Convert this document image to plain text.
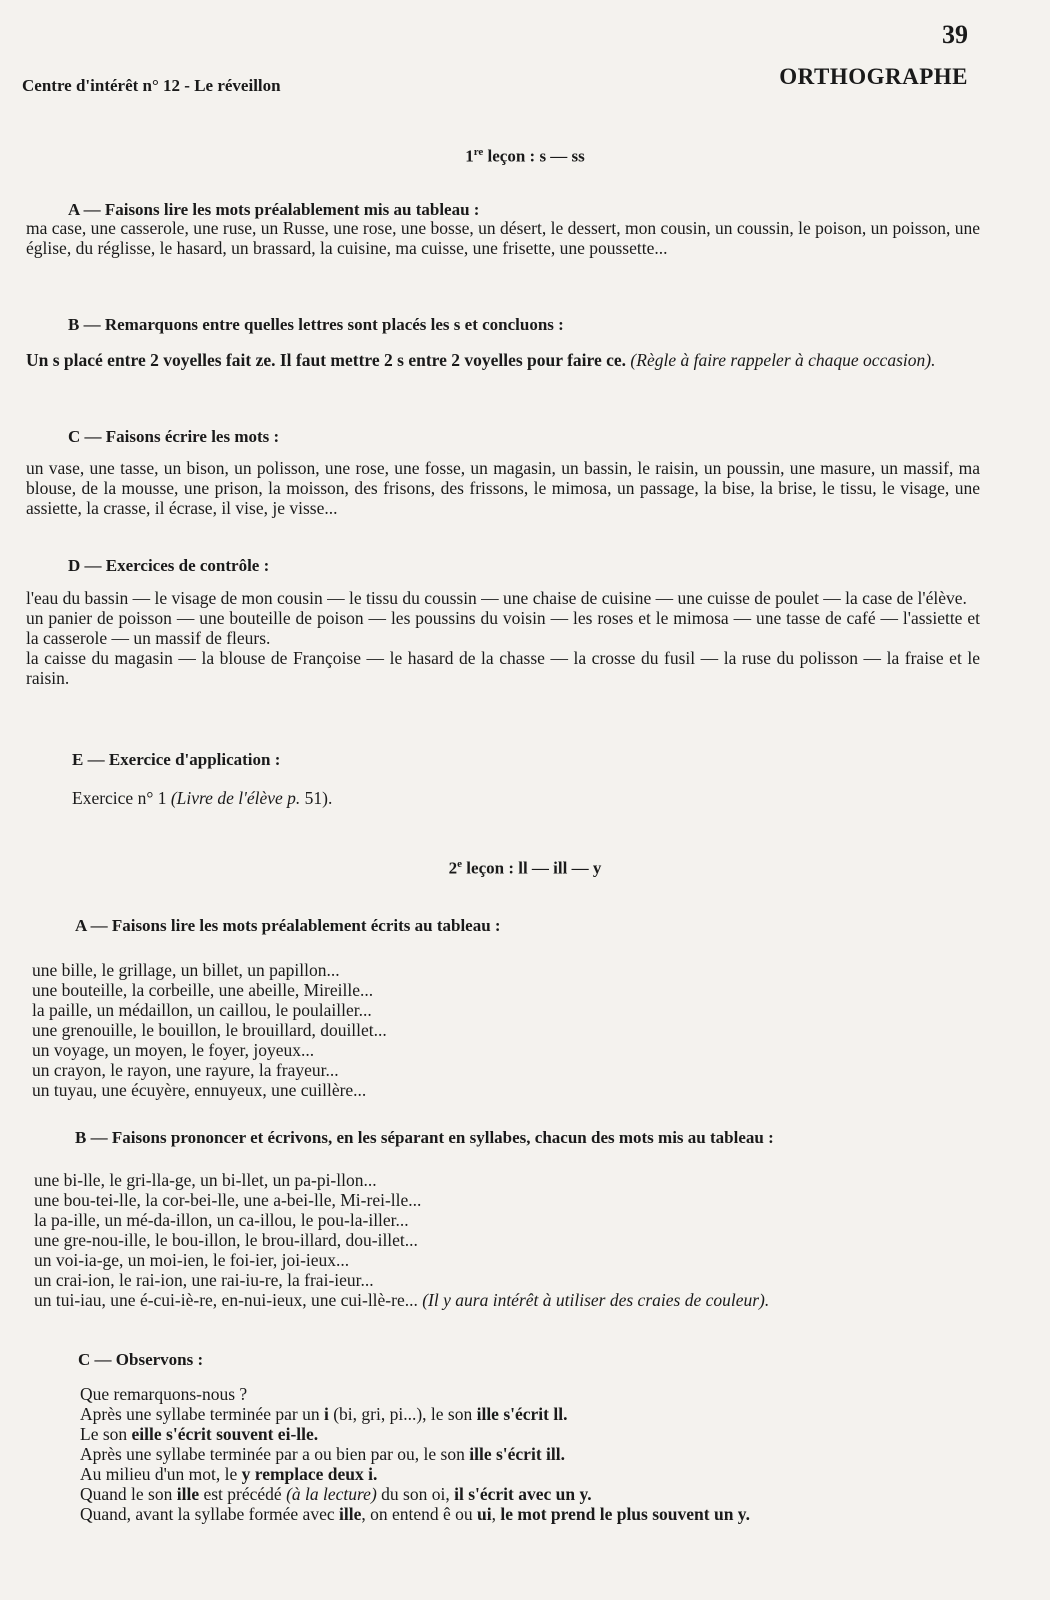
39
Centre d'intérêt n° 12 - Le réveillon	ORTHOGRAPHE
1re leçon : s — ss
A — Faisons lire les mots préalablement mis au tableau :
ma case, une casserole, une ruse, un Russe, une rose, une bosse, un désert, le dessert, mon cousin, un coussin, le poison, un poisson, une église, du réglisse, le hasard, un brassard, la cuisine, ma cuisse, une frisette, une poussette...
B — Remarquons entre quelles lettres sont placés les s et concluons :
Un s placé entre 2 voyelles fait ze. Il faut mettre 2 s entre 2 voyelles pour faire ce. (Règle à faire rappeler à chaque occasion).
C — Faisons écrire les mots :
un vase, une tasse, un bison, un polisson, une rose, une fosse, un magasin, un bassin, le raisin, un poussin, une masure, un massif, ma blouse, de la mousse, une prison, la moisson, des frisons, des frissons, le mimosa, un passage, la bise, la brise, le tissu, le visage, une assiette, la crasse, il écrase, il vise, je visse...
D — Exercices de contrôle :
l'eau du bassin — le visage de mon cousin — le tissu du coussin — une chaise de cuisine — une cuisse de poulet — la case de l'élève.
un panier de poisson — une bouteille de poison — les poussins du voisin — les roses et le mimosa — une tasse de café — l'assiette et la casserole — un massif de fleurs.
la caisse du magasin — la blouse de Françoise — le hasard de la chasse — la crosse du fusil — la ruse du polisson — la fraise et le raisin.
E — Exercice d'application :
Exercice n° 1 (Livre de l'élève p. 51).
2e leçon : ll — ill — y
A — Faisons lire les mots préalablement écrits au tableau :
une bille, le grillage, un billet, un papillon...
une bouteille, la corbeille, une abeille, Mireille...
la paille, un médaillon, un caillou, le poulailler...
une grenouille, le bouillon, le brouillard, douillet...
un voyage, un moyen, le foyer, joyeux...
un crayon, le rayon, une rayure, la frayeur...
un tuyau, une écuyère, ennuyeux, une cuillère...
B — Faisons prononcer et écrivons, en les séparant en syllabes, chacun des mots mis au tableau :
une bi-lle, le gri-lla-ge, un bi-llet, un pa-pi-llon...
une bou-tei-lle, la cor-bei-lle, une a-bei-lle, Mi-rei-lle...
la pa-ille, un mé-da-illon, un ca-illou, le pou-la-iller...
une gre-nou-ille, le bou-illon, le brou-illard, dou-illet...
un voi-ia-ge, un moi-ien, le foi-ier, joi-ieux...
un crai-ion, le rai-ion, une rai-iu-re, la frai-ieur...
un tui-iau, une é-cui-iè-re, en-nui-ieux, une cui-llè-re... (Il y aura intérêt à utiliser des craies de couleur).
C — Observons :
Que remarquons-nous ?
Après une syllabe terminée par un i (bi, gri, pi...), le son ille s'écrit ll.
Le son eille s'écrit souvent ei-lle.
Après une syllabe terminée par a ou bien par ou, le son ille s'écrit ill.
Au milieu d'un mot, le y remplace deux i.
Quand le son ille est précédé (à la lecture) du son oi, il s'écrit avec un y.
Quand, avant la syllabe formée avec ille, on entend ê ou ui, le mot prend le plus souvent un y.
